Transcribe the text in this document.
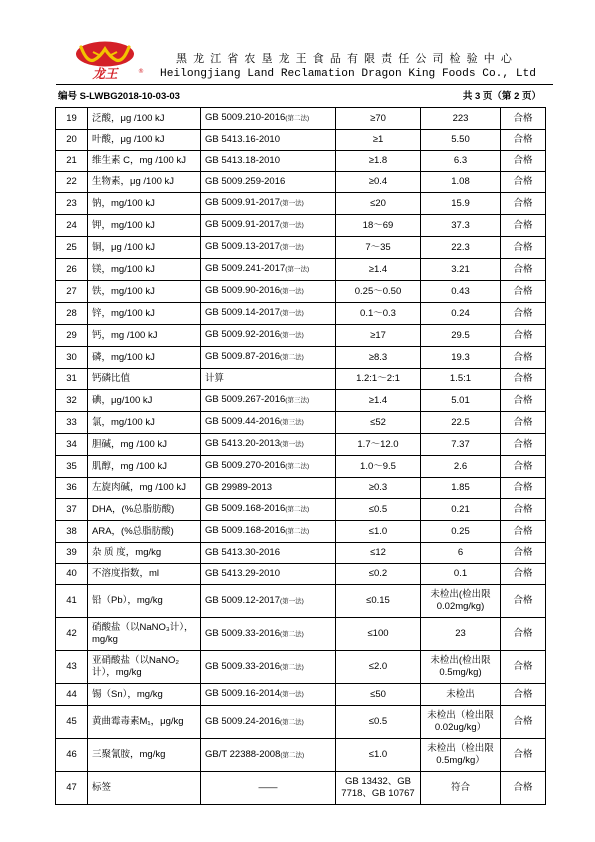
龙王	®
黑 龙 江 省 农 垦 龙 王 食 品 有 限 责 任 公 司 检 验 中 心
Heilongjiang Land Reclamation Dragon King Foods Co., Ltd
编号 S-LWBG2018-10-03-03	共 3 页（第 2 页）
19	泛酸，μg /100 kJ	GB 5009.210-2016(第二法)	≥70	223	合格
20	叶酸，μg /100 kJ	GB 5413.16-2010	≥1	5.50	合格
21	维生素 C，mg /100 kJ	GB 5413.18-2010	≥1.8	6.3	合格
22	生物素，μg /100 kJ	GB 5009.259-2016	≥0.4	1.08	合格
23	钠，mg/100 kJ	GB 5009.91-2017(第一法)	≤20	15.9	合格
24	钾，mg/100 kJ	GB 5009.91-2017(第一法)	18～69	37.3	合格
25	铜，μg /100 kJ	GB 5009.13-2017(第一法)	7～35	22.3	合格
26	镁，mg/100 kJ	GB 5009.241-2017(第一法)	≥1.4	3.21	合格
27	铁，mg/100 kJ	GB 5009.90-2016(第一法)	0.25～0.50	0.43	合格
28	锌，mg/100 kJ	GB 5009.14-2017(第一法)	0.1～0.3	0.24	合格
29	钙，mg /100 kJ	GB 5009.92-2016(第一法)	≥17	29.5	合格
30	磷，mg/100 kJ	GB 5009.87-2016(第二法)	≥8.3	19.3	合格
31	钙磷比值	计算	1.2:1～2:1	1.5:1	合格
32	碘，μg/100 kJ	GB 5009.267-2016(第三法)	≥1.4	5.01	合格
33	氯，mg/100 kJ	GB 5009.44-2016(第三法)	≤52	22.5	合格
34	胆碱，mg /100 kJ	GB 5413.20-2013(第一法)	1.7～12.0	7.37	合格
35	肌醇，mg /100 kJ	GB 5009.270-2016(第二法)	1.0～9.5	2.6	合格
36	左旋肉碱，mg /100 kJ	GB 29989-2013	≥0.3	1.85	合格
37	DHA，(%总脂肪酸)	GB 5009.168-2016(第二法)	≤0.5	0.21	合格
38	ARA，(%总脂肪酸)	GB 5009.168-2016(第二法)	≤1.0	0.25	合格
39	杂 质 度，mg/kg	GB 5413.30-2016	≤12	6	合格
40	不溶度指数，ml	GB 5413.29-2010	≤0.2	0.1	合格
41	铅（Pb），mg/kg	GB 5009.12-2017(第一法)	≤0.15	未检出(检出限 0.02mg/kg)	合格
42	硝酸盐（以NaNO₃计），mg/kg	GB 5009.33-2016(第二法)	≤100	23	合格
43	亚硝酸盐（以NaNO₂计），mg/kg	GB 5009.33-2016(第二法)	≤2.0	未检出(检出限 0.5mg/kg)	合格
44	锡（Sn），mg/kg	GB 5009.16-2014(第一法)	≤50	未检出	合格
45	黄曲霉毒素M₁，μg/kg	GB 5009.24-2016(第二法)	≤0.5	未检出（检出限 0.02ug/kg）	合格
46	三聚氰胺，mg/kg	GB/T 22388-2008(第二法)	≤1.0	未检出（检出限 0.5mg/kg）	合格
47	标签	——	GB 13432、GB 7718、GB 10767	符合	合格
